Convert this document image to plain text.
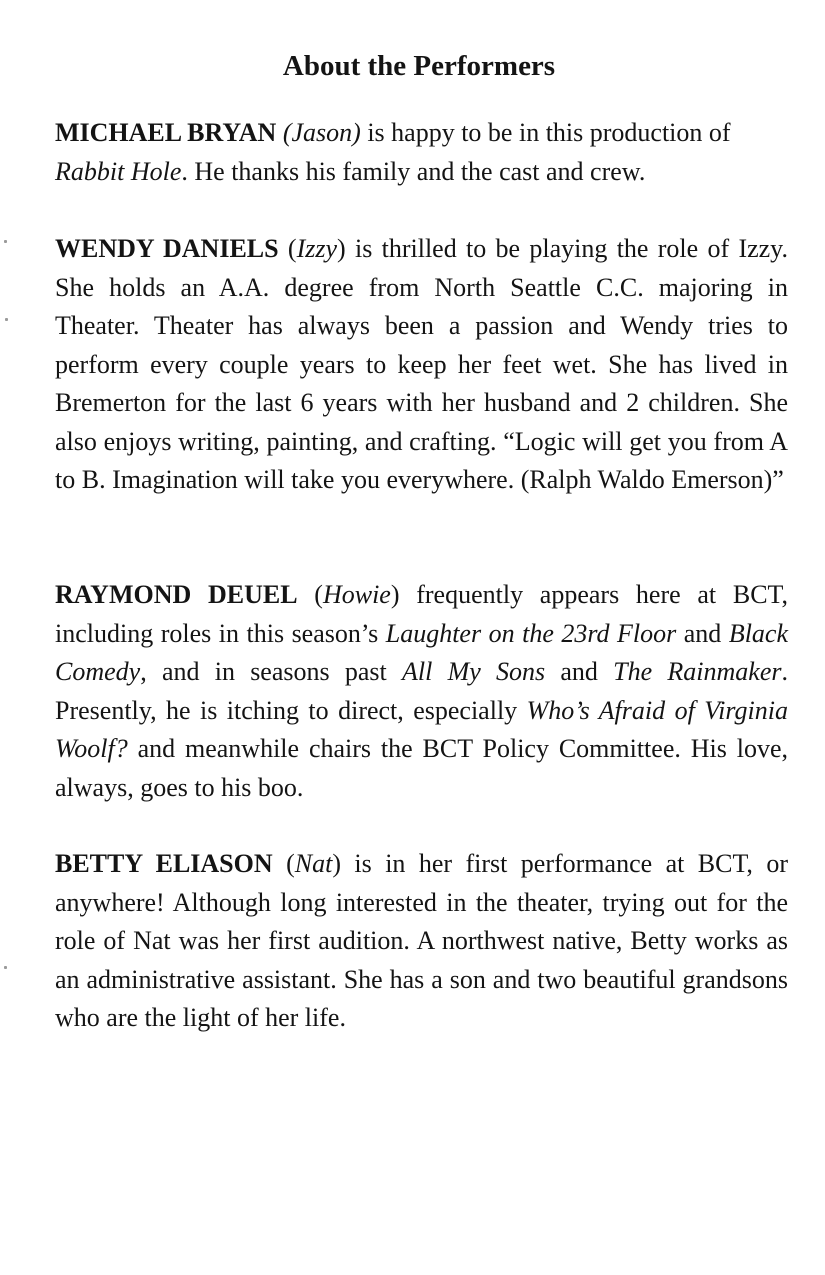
About the Performers

MICHAEL BRYAN (Jason) is happy to be in this production of Rabbit Hole. He thanks his family and the cast and crew.

WENDY DANIELS (Izzy) is thrilled to be playing the role of Izzy. She holds an A.A. degree from North Seattle C.C. majoring in Theater. Theater has always been a passion and Wendy tries to perform every couple years to keep her feet wet. She has lived in Bremerton for the last 6 years with her husband and 2 children. She also enjoys writing, painting, and crafting. “Logic will get you from A to B. Imagination will take you everywhere. (Ralph Waldo Emerson)”

RAYMOND DEUEL (Howie) frequently appears here at BCT, including roles in this season’s Laughter on the 23rd Floor and Black Comedy, and in seasons past All My Sons and The Rainmaker. Presently, he is itching to direct, especially Who’s Afraid of Virginia Woolf? and meanwhile chairs the BCT Policy Committee. His love, always, goes to his boo.

BETTY ELIASON (Nat) is in her first performance at BCT, or anywhere! Although long interested in the theater, trying out for the role of Nat was her first audition. A northwest native, Betty works as an administrative assistant. She has a son and two beautiful grandsons who are the light of her life.
